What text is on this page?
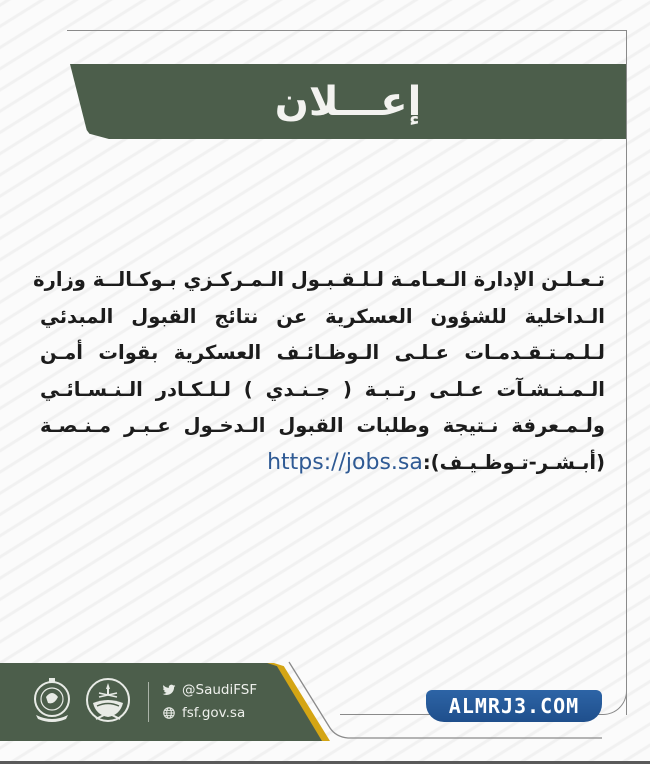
إعـــلان
تـعـلـن الإدارة الـعـامـة لـلـقـبـول الـمـركـزي بـوكـالــة وزارة
الـداخلية للشؤون العسكرية عن نتائج القبول المبدئي
لـلـمـتـقـدمـات عـلـى الـوظـائـف العسكرية بقوات أمـن
الـمـنـشـآت عـلـى رتـبـة ( جـنـدي ) لـلـكـادر الـنـسـائـي
ولـمـعرفة نـتيجة وطلبات القبول الـدخـول عـبـر مـنـصـة
(أبـشـر-تـوظـيـف):https://jobs.sa
@SaudiFSF
fsf.gov.sa	ALMRJ3.COM
